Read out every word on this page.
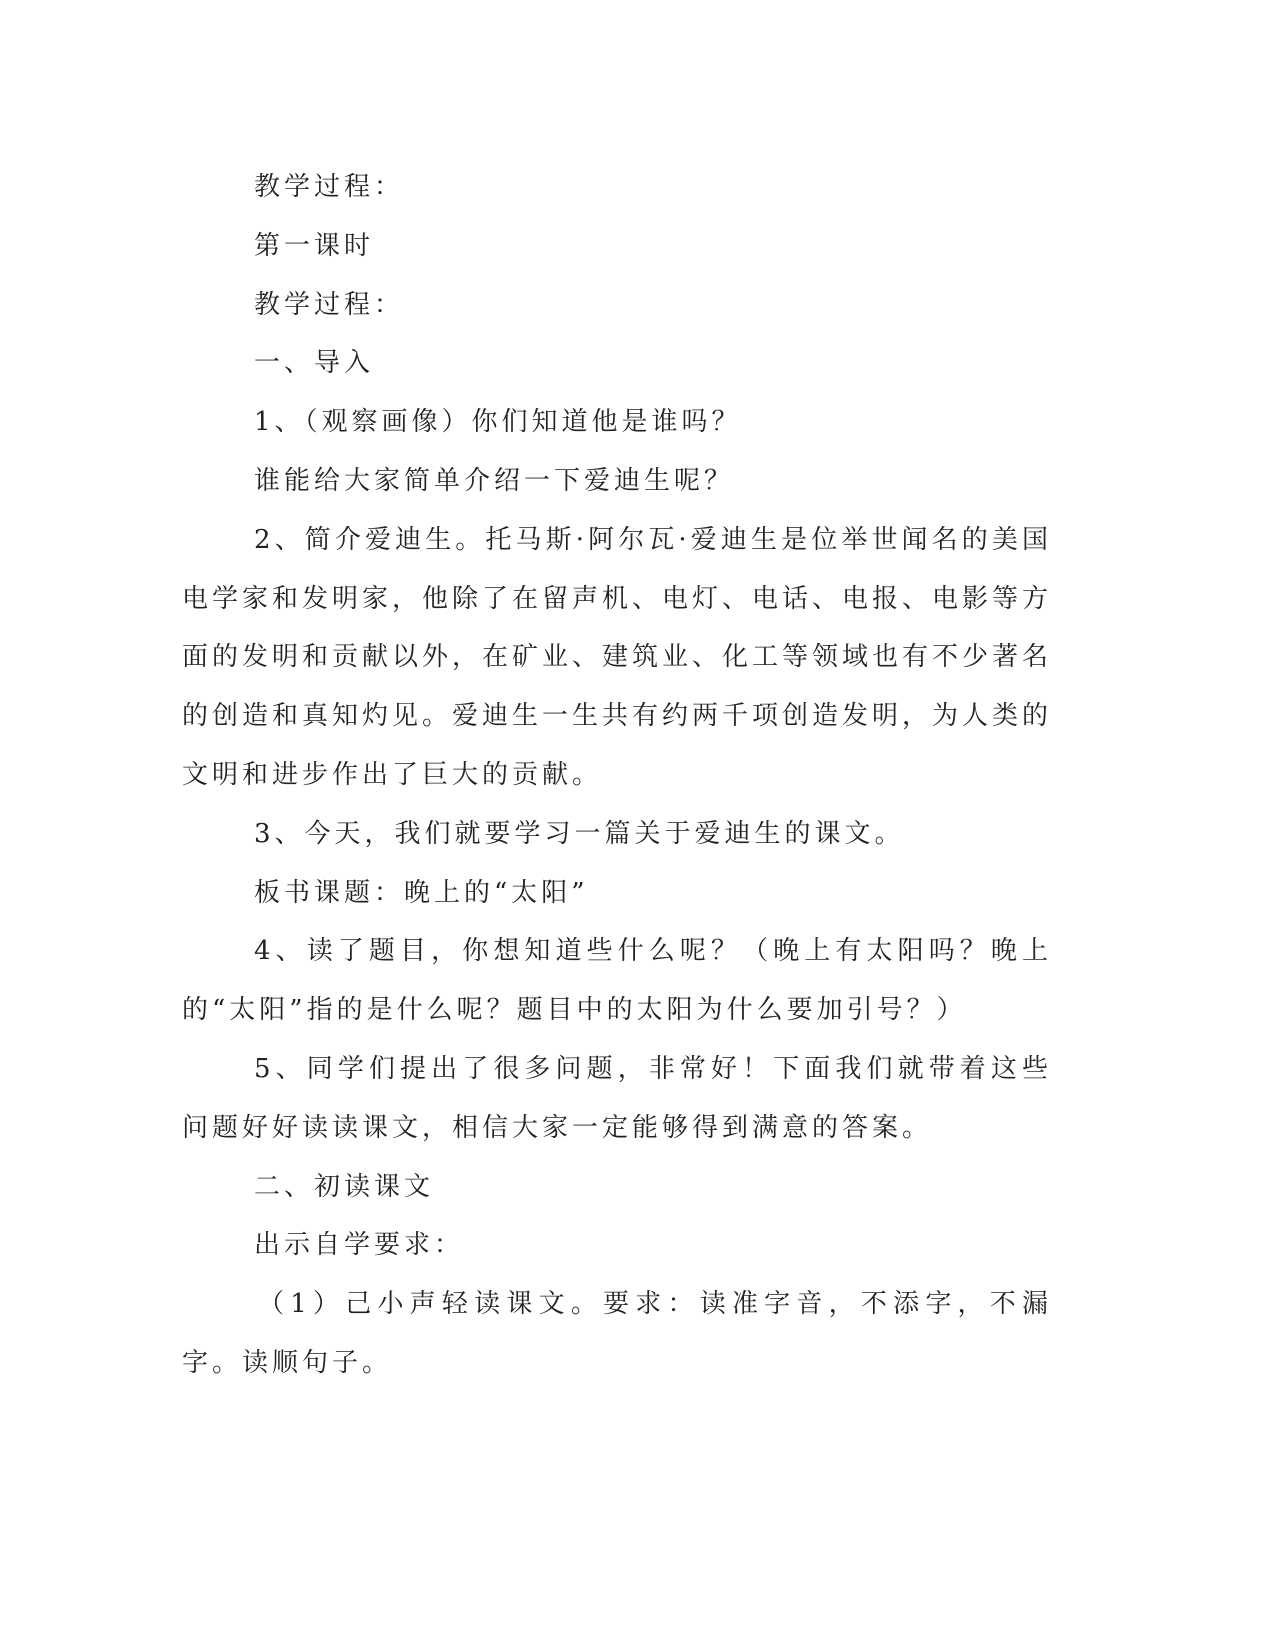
教学过程：

第一课时

教学过程：

一、导入

1、（观察画像）你们知道他是谁吗？

谁能给大家简单介绍一下爱迪生呢？

2、简介爱迪生。托马斯·阿尔瓦·爱迪生是位举世闻名的美国电学家和发明家，他除了在留声机、电灯、电话、电报、电影等方面的发明和贡献以外，在矿业、建筑业、化工等领域也有不少著名的创造和真知灼见。爱迪生一生共有约两千项创造发明，为人类的文明和进步作出了巨大的贡献。

3、今天，我们就要学习一篇关于爱迪生的课文。

板书课题：晚上的“太阳”

4、读了题目，你想知道些什么呢？（晚上有太阳吗？晚上的“太阳”指的是什么呢？题目中的太阳为什么要加引号？）

5、同学们提出了很多问题，非常好！下面我们就带着这些问题好好读读课文，相信大家一定能够得到满意的答案。

二、初读课文

出示自学要求：

（1）己小声轻读课文。要求：读准字音，不添字，不漏字。读顺句子。
